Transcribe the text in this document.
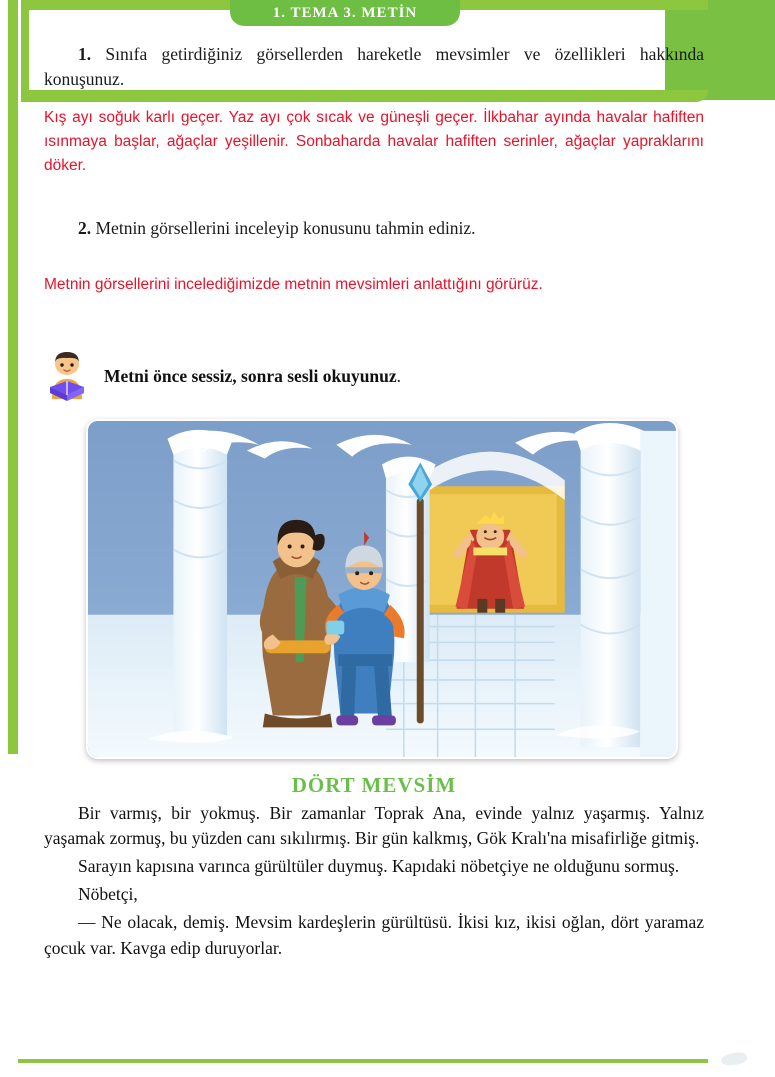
1. TEMA 3. METİN

1. Sınıfa getirdiğiniz görsellerden hareketle mevsimler ve özellikleri hakkında konuşunuz.

Kış ayı soğuk karlı geçer. Yaz ayı çok sıcak ve güneşli geçer. İlkbahar ayında havalar hafiften ısınmaya başlar, ağaçlar yeşillenir. Sonbaharda havalar hafiften serinler, ağaçlar yapraklarını döker.

2. Metnin görsellerini inceleyip konusunu tahmin ediniz.

Metnin görsellerini incelediğimizde metnin mevsimleri anlattığını görürüz.

Metni önce sessiz, sonra sesli okuyunuz.
DÖRT MEVSİM

Bir varmış, bir yokmuş. Bir zamanlar Toprak Ana, evinde yalnız yaşarmış. Yalnız yaşamak zormuş, bu yüzden canı sıkılırmış. Bir gün kalkmış, Gök Kralı'na misafirliğe gitmiş.

Sarayın kapısına varınca gürültüler duymuş. Kapıdaki nöbetçiye ne olduğunu sormuş.

Nöbetçi,

— Ne olacak, demiş. Mevsim kardeşlerin gürültüsü. İkisi kız, ikisi oğlan, dört yaramaz çocuk var. Kavga edip duruyorlar.
